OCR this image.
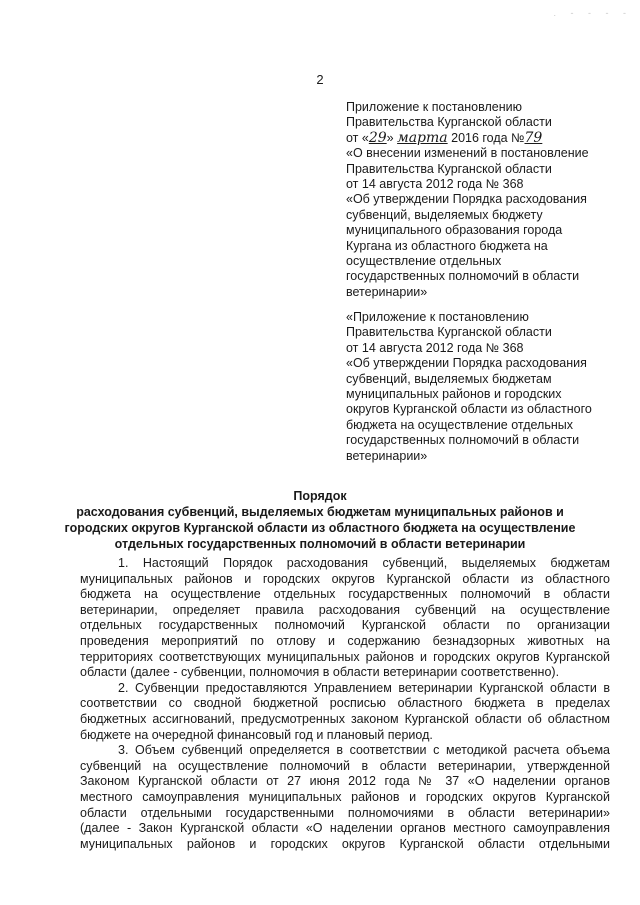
. - - - -
2
Приложение к постановлению
Правительства Курганской области
от «29» марта 2016 года №79
«О внесении изменений в постановление
Правительства Курганской области
от 14 августа 2012 года № 368
«Об утверждении Порядка расходования
субвенций, выделяемых бюджету
муниципального образования города
Кургана из областного бюджета на
осуществление отдельных
государственных полномочий в области
ветеринарии»
«Приложение к постановлению
Правительства Курганской области
от 14 августа 2012 года № 368
«Об утверждении Порядка расходования
субвенций, выделяемых бюджетам
муниципальных районов и городских
округов Курганской области из областного
бюджета на осуществление отдельных
государственных полномочий в области
ветеринарии»
Порядок
расходования субвенций, выделяемых бюджетам муниципальных районов и
городских округов Курганской области из областного бюджета на осуществление
отдельных государственных полномочий в области ветеринарии
1. Настоящий Порядок расходования субвенций, выделяемых бюджетам
муниципальных районов и городских округов Курганской области из областного
бюджета на осуществление отдельных государственных полномочий в области
ветеринарии, определяет правила расходования субвенций на осуществление
отдельных государственных полномочий Курганской области по организации
проведения мероприятий по отлову и содержанию безнадзорных животных на
территориях соответствующих муниципальных районов и городских округов Курганской
области (далее - субвенции, полномочия в области ветеринарии соответственно).
2. Субвенции предоставляются Управлением ветеринарии Курганской области в
соответствии со сводной бюджетной росписью областного бюджета в пределах
бюджетных ассигнований, предусмотренных законом Курганской области об областном
бюджете на очередной финансовый год и плановый период.
3. Объем субвенций определяется в соответствии с методикой расчета объема
субвенций на осуществление полномочий в области ветеринарии, утвержденной
Законом Курганской области от 27 июня 2012 года № 37 «О наделении органов
местного самоуправления муниципальных районов и городских округов Курганской
области отдельными государственными полномочиями в области ветеринарии»
(далее - Закон Курганской области «О наделении органов местного самоуправления
муниципальных районов и городских округов Курганской области отдельными
